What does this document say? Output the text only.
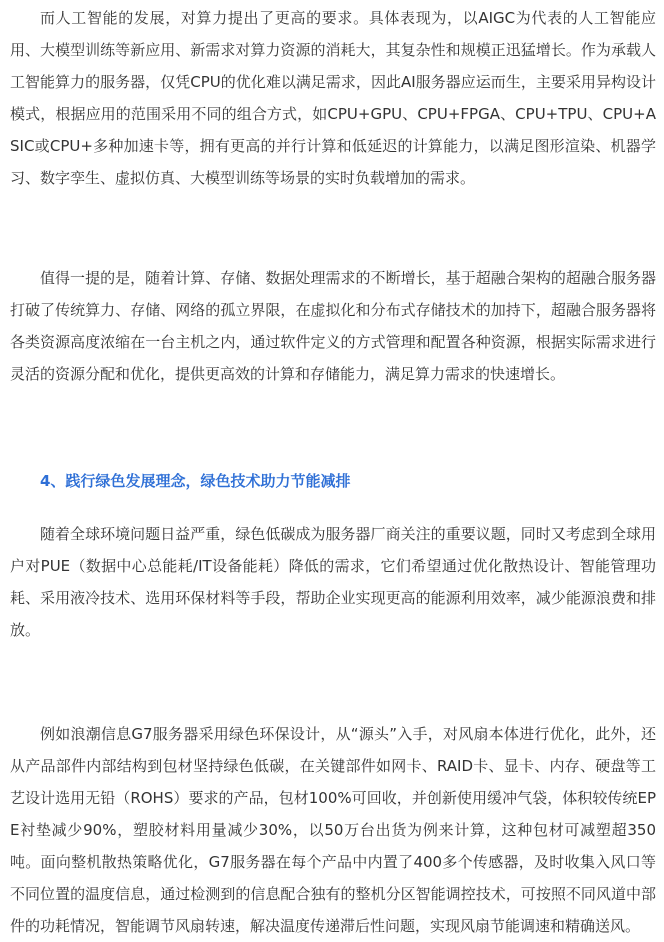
而人工智能的发展，对算力提出了更高的要求。具体表现为，以AIGC为代表的人工智能应用、大模型训练等新应用、新需求对算力资源的消耗大，其复杂性和规模正迅猛增长。作为承载人工智能算力的服务器，仅凭CPU的优化难以满足需求，因此AI服务器应运而生，主要采用异构设计模式，根据应用的范围采用不同的组合方式，如CPU+GPU、CPU+FPGA、CPU+TPU、CPU+ASIC或CPU+多种加速卡等，拥有更高的并行计算和低延迟的计算能力，以满足图形渲染、机器学习、数字孪生、虚拟仿真、大模型训练等场景的实时负载增加的需求。

值得一提的是，随着计算、存储、数据处理需求的不断增长，基于超融合架构的超融合服务器打破了传统算力、存储、网络的孤立界限，在虚拟化和分布式存储技术的加持下，超融合服务器将各类资源高度浓缩在一台主机之内，通过软件定义的方式管理和配置各种资源，根据实际需求进行灵活的资源分配和优化，提供更高效的计算和存储能力，满足算力需求的快速增长。

4、践行绿色发展理念，绿色技术助力节能减排

随着全球环境问题日益严重，绿色低碳成为服务器厂商关注的重要议题，同时又考虑到全球用户对PUE（数据中心总能耗/IT设备能耗）降低的需求，它们希望通过优化散热设计、智能管理功耗、采用液冷技术、选用环保材料等手段，帮助企业实现更高的能源利用效率，减少能源浪费和排放。

例如浪潮信息G7服务器采用绿色环保设计，从“源头”入手，对风扇本体进行优化，此外，还从产品部件内部结构到包材坚持绿色低碳，在关键部件如网卡、RAID卡、显卡、内存、硬盘等工艺设计选用无铅（ROHS）要求的产品，包材100%可回收，并创新使用缓冲气袋，体积较传统EPE衬垫减少90%，塑胶材料用量减少30%，以50万台出货为例来计算，这种包材可减塑超350吨。面向整机散热策略优化，G7服务器在每个产品中内置了400多个传感器，及时收集入风口等不同位置的温度信息，通过检测到的信息配合独有的整机分区智能调控技术，可按照不同风道中部件的功耗情况，智能调节风扇转速，解决温度传递滞后性问题，实现风扇节能调速和精确送风。
